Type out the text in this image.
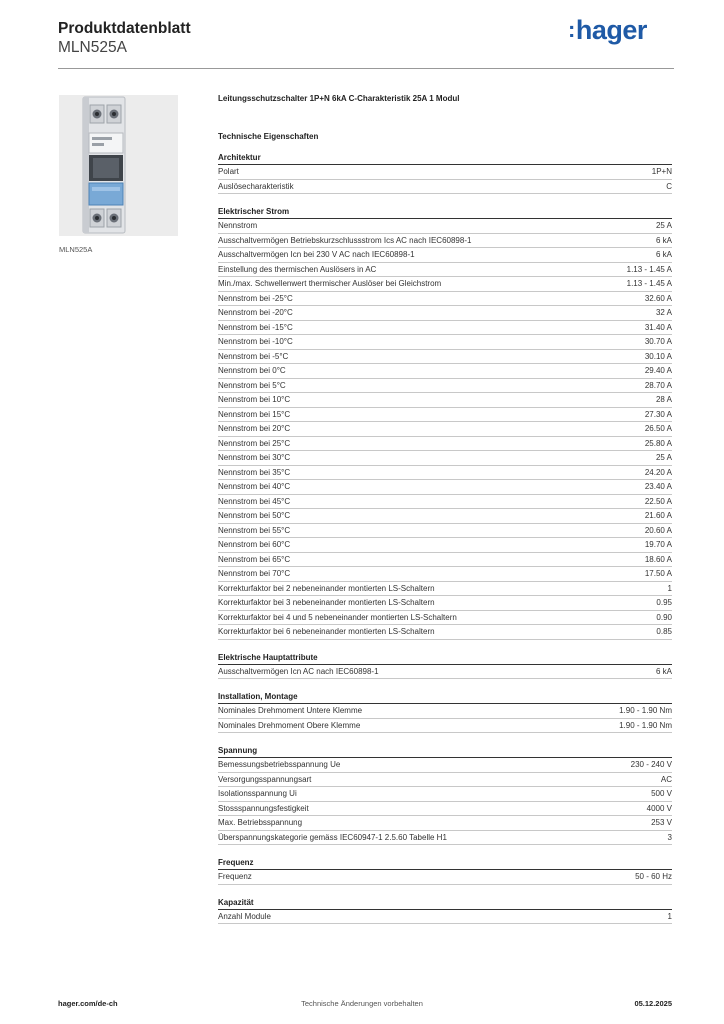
Produktdatenblatt
MLN525A
:hager
MLN525A
Leitungsschutzschalter 1P+N 6kA C-Charakteristik 25A 1 Modul
Technische Eigenschaften
Architektur
Polart	1P+N
Auslösecharakteristik	C
Elektrischer Strom
Nennstrom	25 A
Ausschaltvermögen Betriebskurzschlussstrom Ics AC nach IEC60898-1	6 kA
Ausschaltvermögen Icn bei 230 V AC nach IEC60898-1	6 kA
Einstellung des thermischen Auslösers in AC	1.13 - 1.45 A
Min./max. Schwellenwert thermischer Auslöser bei Gleichstrom	1.13 - 1.45 A
Nennstrom bei -25°C	32.60 A
Nennstrom bei -20°C	32 A
Nennstrom bei -15°C	31.40 A
Nennstrom bei -10°C	30.70 A
Nennstrom bei -5°C	30.10 A
Nennstrom bei 0°C	29.40 A
Nennstrom bei 5°C	28.70 A
Nennstrom bei 10°C	28 A
Nennstrom bei 15°C	27.30 A
Nennstrom bei 20°C	26.50 A
Nennstrom bei 25°C	25.80 A
Nennstrom bei 30°C	25 A
Nennstrom bei 35°C	24.20 A
Nennstrom bei 40°C	23.40 A
Nennstrom bei 45°C	22.50 A
Nennstrom bei 50°C	21.60 A
Nennstrom bei 55°C	20.60 A
Nennstrom bei 60°C	19.70 A
Nennstrom bei 65°C	18.60 A
Nennstrom bei 70°C	17.50 A
Korrekturfaktor bei 2 nebeneinander montierten LS-Schaltern	1
Korrekturfaktor bei 3 nebeneinander montierten LS-Schaltern	0.95
Korrekturfaktor bei 4 und 5 nebeneinander montierten LS-Schaltern	0.90
Korrekturfaktor bei 6 nebeneinander montierten LS-Schaltern	0.85
Elektrische Hauptattribute
Ausschaltvermögen Icn AC nach IEC60898-1	6 kA
Installation, Montage
Nominales Drehmoment Untere Klemme	1.90 - 1.90 Nm
Nominales Drehmoment Obere Klemme	1.90 - 1.90 Nm
Spannung
Bemessungsbetriebsspannung Ue	230 - 240 V
Versorgungsspannungsart	AC
Isolationsspannung Ui	500 V
Stossspannungsfestigkeit	4000 V
Max. Betriebsspannung	253 V
Überspannungskategorie gemäss IEC60947-1 2.5.60 Tabelle H1	3
Frequenz
Frequenz	50 - 60 Hz
Kapazität
Anzahl Module	1
hager.com/de-ch	Technische Änderungen vorbehalten	05.12.2025
